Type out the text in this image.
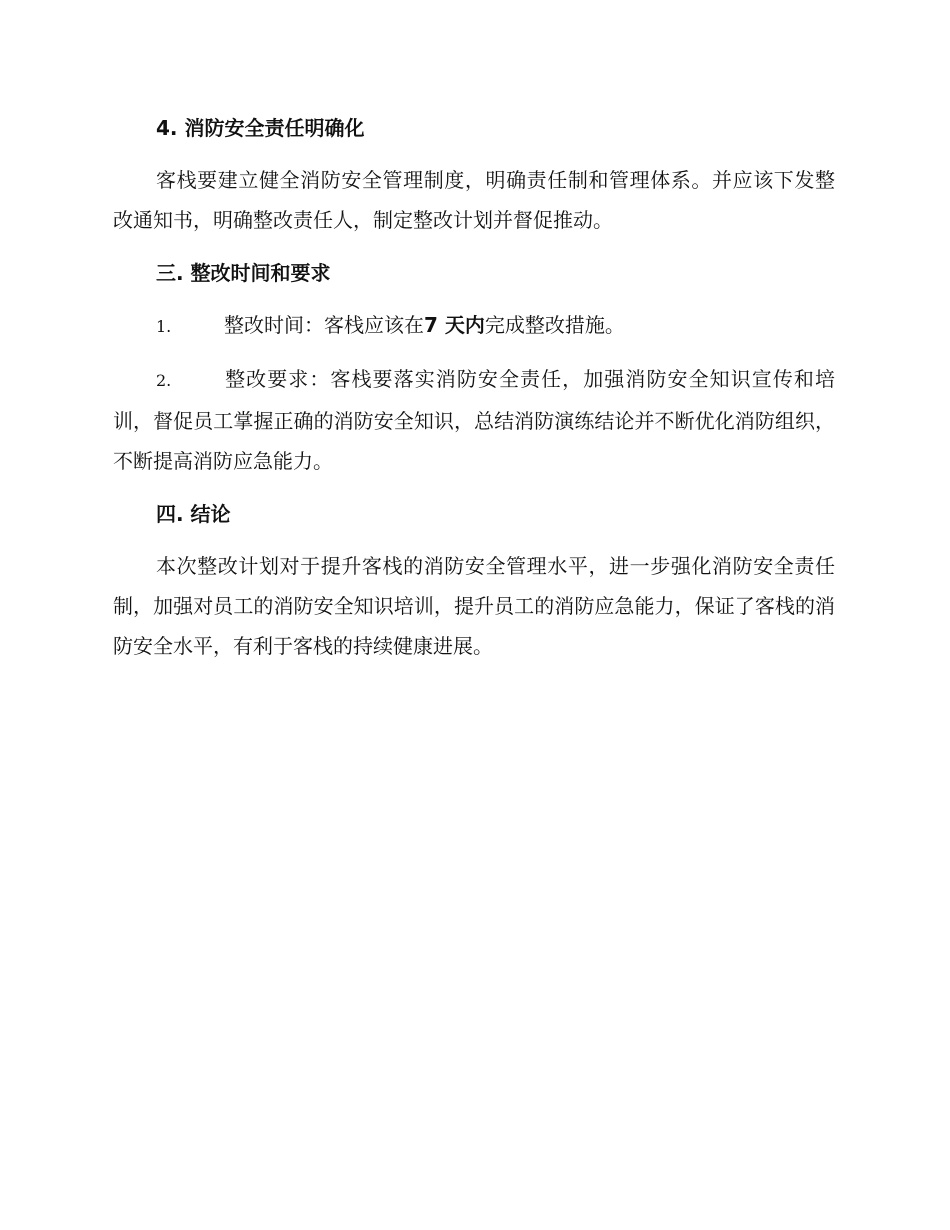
4. 消防安全责任明确化

客栈要建立健全消防安全管理制度，明确责任制和管理体系。并应该下发整改通知书，明确整改责任人，制定整改计划并督促推动。

三. 整改时间和要求

1.	整改时间：客栈应该在7 天内完成整改措施。

2.	整改要求：客栈要落实消防安全责任，加强消防安全知识宣传和培训，督促员工掌握正确的消防安全知识，总结消防演练结论并不断优化消防组织，不断提高消防应急能力。

四. 结论

本次整改计划对于提升客栈的消防安全管理水平，进一步强化消防安全责任制，加强对员工的消防安全知识培训，提升员工的消防应急能力，保证了客栈的消防安全水平，有利于客栈的持续健康进展。
